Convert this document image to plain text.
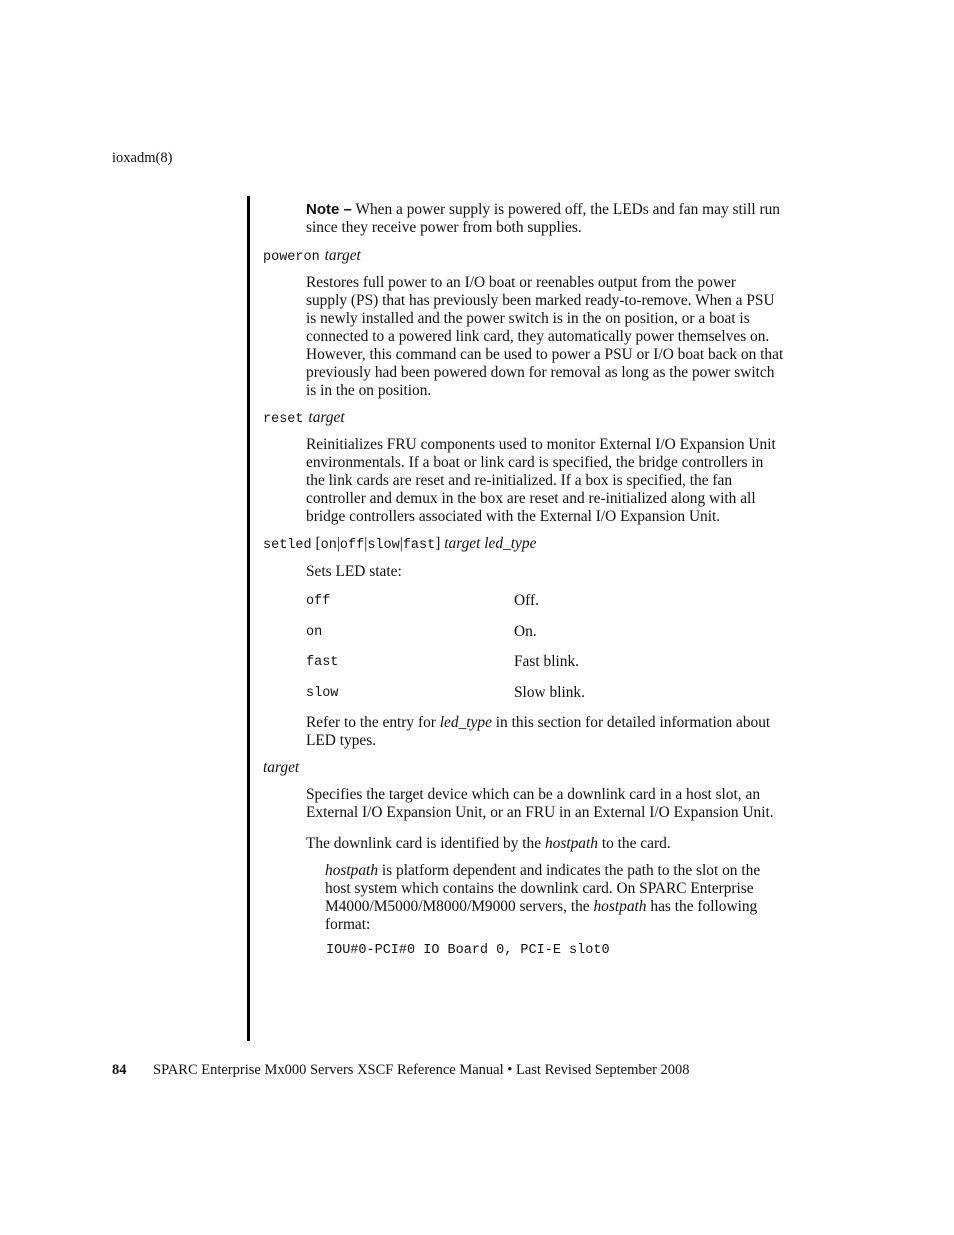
ioxadm(8)
Note – When a power supply is powered off, the LEDs and fan may still run
since they receive power from both supplies.
poweron target
Restores full power to an I/O boat or reenables output from the power
supply (PS) that has previously been marked ready-to-remove. When a PSU
is newly installed and the power switch is in the on position, or a boat is
connected to a powered link card, they automatically power themselves on.
However, this command can be used to power a PSU or I/O boat back on that
previously had been powered down for removal as long as the power switch
is in the on position.
reset target
Reinitializes FRU components used to monitor External I/O Expansion Unit
environmentals. If a boat or link card is specified, the bridge controllers in
the link cards are reset and re-initialized. If a box is specified, the fan
controller and demux in the box are reset and re-initialized along with all
bridge controllers associated with the External I/O Expansion Unit.
setled [on|off|slow|fast] target led_type
Sets LED state:
off	Off.
on	On.
fast	Fast blink.
slow	Slow blink.
Refer to the entry for led_type in this section for detailed information about
LED types.
target
Specifies the target device which can be a downlink card in a host slot, an
External I/O Expansion Unit, or an FRU in an External I/O Expansion Unit.
The downlink card is identified by the hostpath to the card.
hostpath is platform dependent and indicates the path to the slot on the
host system which contains the downlink card. On SPARC Enterprise
M4000/M5000/M8000/M9000 servers, the hostpath has the following
format:
IOU#0-PCI#0 IO Board 0, PCI-E slot0
84 SPARC Enterprise Mx000 Servers XSCF Reference Manual • Last Revised September 2008
